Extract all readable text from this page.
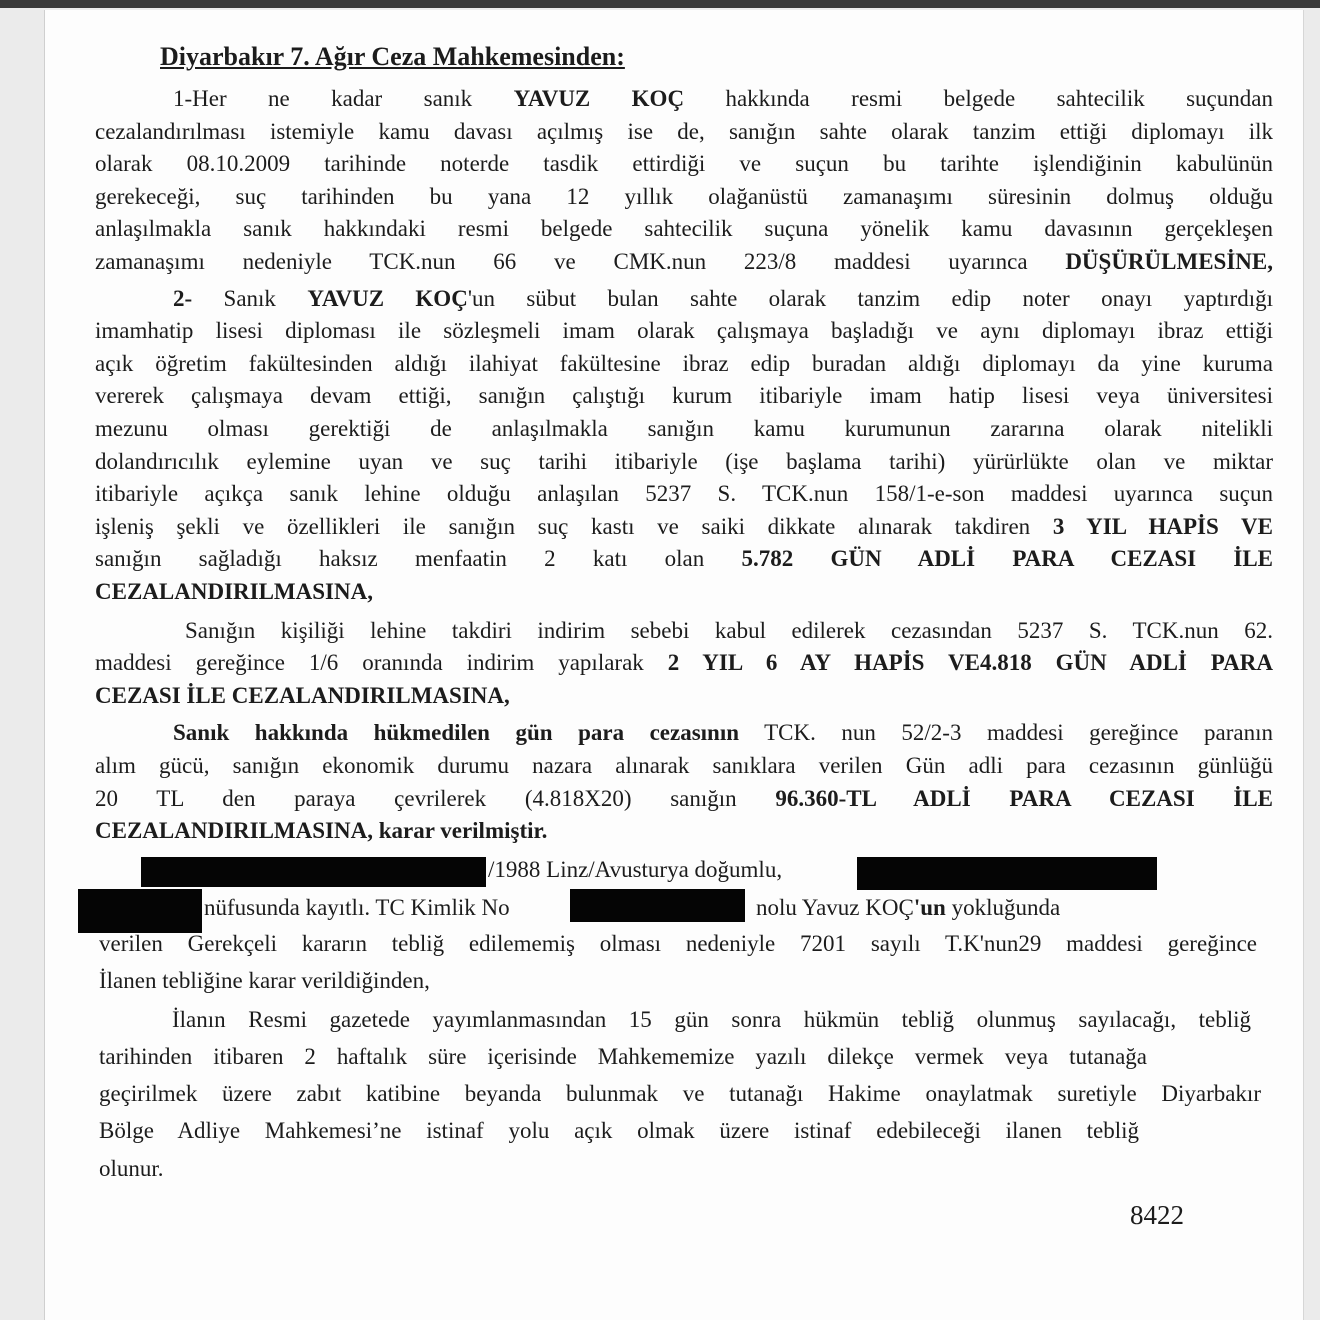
Diyarbakır 7. Ağır Ceza Mahkemesinden:
1-Her ne kadar sanık YAVUZ KOÇ hakkında resmi belgede sahtecilik suçundan
cezalandırılması istemiyle kamu davası açılmış ise de, sanığın sahte olarak tanzim ettiği diplomayı ilk
olarak 08.10.2009 tarihinde noterde tasdik ettirdiği ve suçun bu tarihte işlendiğinin kabulünün
gerekeceği, suç tarihinden bu yana 12 yıllık olağanüstü zamanaşımı süresinin dolmuş olduğu
anlaşılmakla sanık hakkındaki resmi belgede sahtecilik suçuna yönelik kamu davasının gerçekleşen
zamanaşımı nedeniyle TCK.nun 66 ve CMK.nun 223/8 maddesi uyarınca DÜŞÜRÜLMESİNE,
2- Sanık YAVUZ KOÇ'un sübut bulan sahte olarak tanzim edip noter onayı yaptırdığı
imamhatip lisesi diploması ile sözleşmeli imam olarak çalışmaya başladığı ve aynı diplomayı ibraz ettiği
açık öğretim fakültesinden aldığı ilahiyat fakültesine ibraz edip buradan aldığı diplomayı da yine kuruma
vererek çalışmaya devam ettiği, sanığın çalıştığı kurum itibariyle imam hatip lisesi veya üniversitesi
mezunu olması gerektiği de anlaşılmakla sanığın kamu kurumunun zararına olarak nitelikli
dolandırıcılık eylemine uyan ve suç tarihi itibariyle (işe başlama tarihi) yürürlükte olan ve miktar
itibariyle açıkça sanık lehine olduğu anlaşılan 5237 S. TCK.nun 158/1-e-son maddesi uyarınca suçun
işleniş şekli ve özellikleri ile sanığın suç kastı ve saiki dikkate alınarak takdiren 3 YIL HAPİS VE
sanığın sağladığı haksız menfaatin 2 katı olan 5.782 GÜN ADLİ PARA CEZASI İLE
CEZALANDIRILMASINA,
Sanığın kişiliği lehine takdiri indirim sebebi kabul edilerek cezasından 5237 S. TCK.nun 62.
maddesi gereğince 1/6 oranında indirim yapılarak 2 YIL 6 AY HAPİS VE4.818 GÜN ADLİ PARA
CEZASI İLE CEZALANDIRILMASINA,
Sanık hakkında hükmedilen gün para cezasının TCK. nun 52/2-3 maddesi gereğince paranın
alım gücü, sanığın ekonomik durumu nazara alınarak sanıklara verilen Gün adli para cezasının günlüğü
20 TL den paraya çevrilerek (4.818X20) sanığın 96.360-TL ADLİ PARA CEZASI İLE
CEZALANDIRILMASINA, karar verilmiştir.
/1988 Linz/Avusturya doğumlu,
nüfusunda kayıtlı. TC Kimlik No	nolu Yavuz KOÇ'un yokluğunda
verilen Gerekçeli kararın tebliğ edilememiş olması nedeniyle 7201 sayılı T.K'nun29 maddesi gereğince
İlanen tebliğine karar verildiğinden,
İlanın Resmi gazetede yayımlanmasından 15 gün sonra hükmün tebliğ olunmuş sayılacağı, tebliğ
tarihinden itibaren 2 haftalık süre içerisinde Mahkememize yazılı dilekçe vermek veya tutanağa
geçirilmek üzere zabıt katibine beyanda bulunmak ve tutanağı Hakime onaylatmak suretiyle Diyarbakır
Bölge Adliye Mahkemesi’ne istinaf yolu açık olmak üzere istinaf edebileceği ilanen tebliğ
olunur.
8422
